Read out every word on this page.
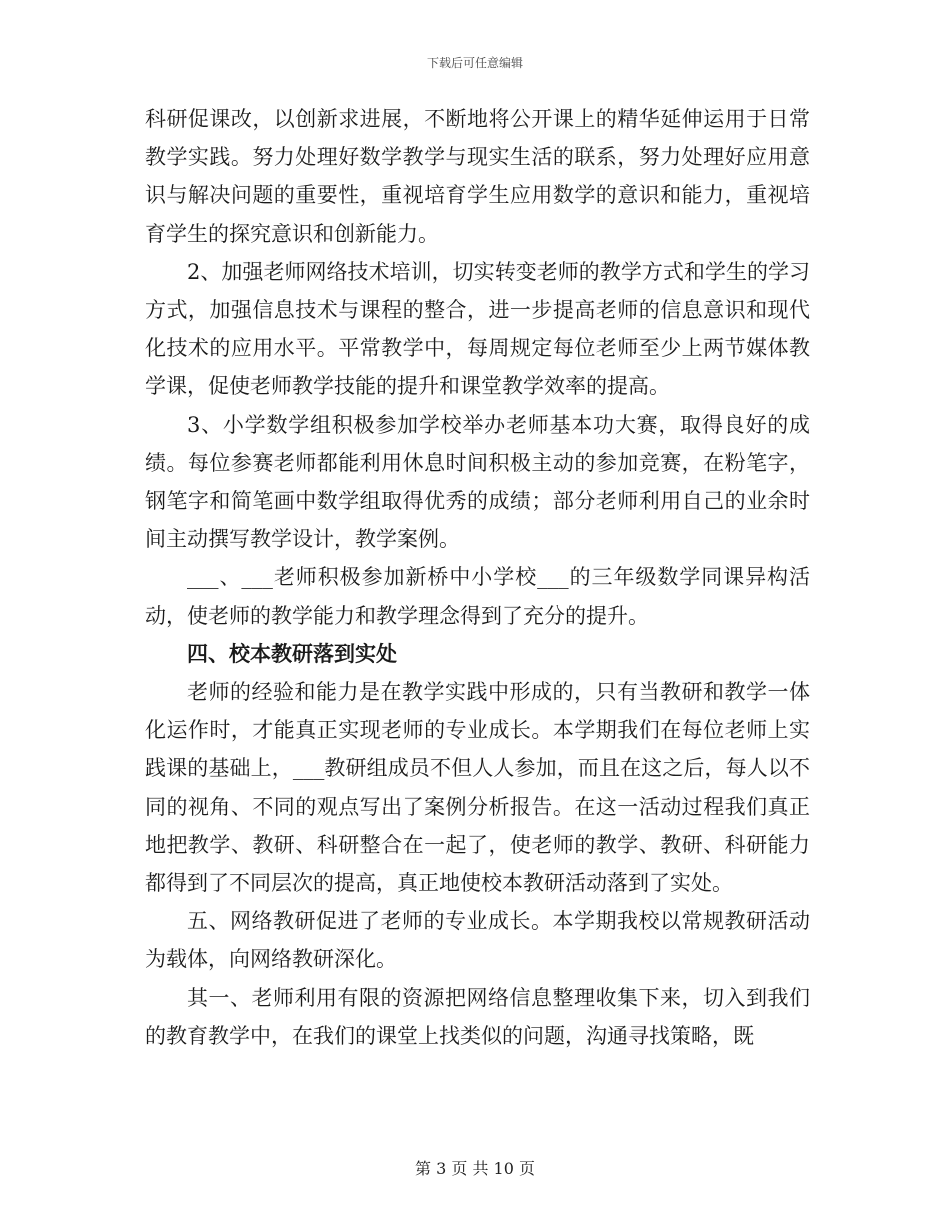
下载后可任意编辑

科研促课改，以创新求进展，不断地将公开课上的精华延伸运用于日常教学实践。努力处理好数学教学与现实生活的联系，努力处理好应用意识与解决问题的重要性，重视培育学生应用数学的意识和能力，重视培育学生的探究意识和创新能力。

2、加强老师网络技术培训，切实转变老师的教学方式和学生的学习方式，加强信息技术与课程的整合，进一步提高老师的信息意识和现代化技术的应用水平。平常教学中，每周规定每位老师至少上两节媒体教学课，促使老师教学技能的提升和课堂教学效率的提高。

3、小学数学组积极参加学校举办老师基本功大赛，取得良好的成绩。每位参赛老师都能利用休息时间积极主动的参加竞赛，在粉笔字，钢笔字和简笔画中数学组取得优秀的成绩；部分老师利用自己的业余时间主动撰写教学设计，教学案例。

___、___老师积极参加新桥中小学校___的三年级数学同课异构活动，使老师的教学能力和教学理念得到了充分的提升。

四、校本教研落到实处

老师的经验和能力是在教学实践中形成的，只有当教研和教学一体化运作时，才能真正实现老师的专业成长。本学期我们在每位老师上实践课的基础上，___教研组成员不但人人参加，而且在这之后，每人以不同的视角、不同的观点写出了案例分析报告。在这一活动过程我们真正地把教学、教研、科研整合在一起了，使老师的教学、教研、科研能力都得到了不同层次的提高，真正地使校本教研活动落到了实处。

五、网络教研促进了老师的专业成长。本学期我校以常规教研活动为载体，向网络教研深化。

其一、老师利用有限的资源把网络信息整理收集下来，切入到我们的教育教学中，在我们的课堂上找类似的问题，沟通寻找策略，既

第 3 页 共 10 页
